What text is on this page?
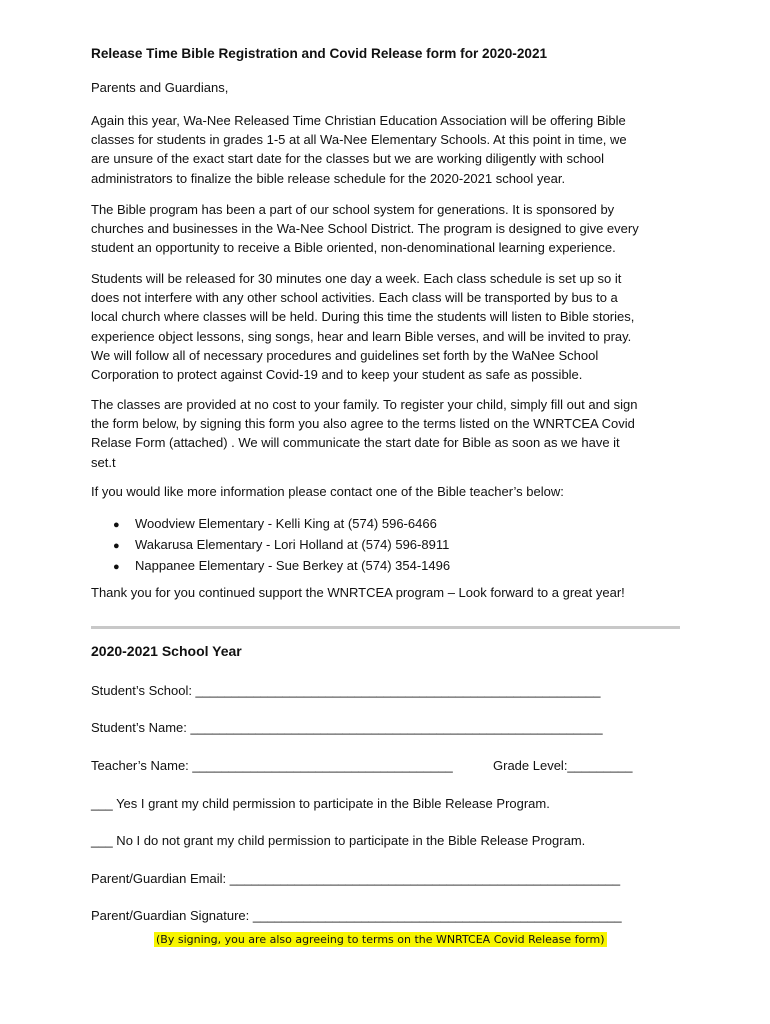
Release Time Bible Registration and Covid Release form for 2020-2021
Parents and Guardians,
Again this year, Wa-Nee Released Time Christian Education Association will be offering Bible
classes for students in grades 1-5 at all Wa-Nee Elementary Schools. At this point in time, we
are unsure of the exact start date for the classes but we are working diligently with school
administrators to finalize the bible release schedule for the 2020-2021 school year.
The Bible program has been a part of our school system for generations. It is sponsored by
churches and businesses in the Wa-Nee School District. The program is designed to give every
student an opportunity to receive a Bible oriented, non-denominational learning experience.
Students will be released for 30 minutes one day a week. Each class schedule is set up so it
does not interfere with any other school activities. Each class will be transported by bus to a
local church where classes will be held. During this time the students will listen to Bible stories,
experience object lessons, sing songs, hear and learn Bible verses, and will be invited to pray.
We will follow all of necessary procedures and guidelines set forth by the WaNee School
Corporation to protect against Covid-19 and to keep your student as safe as possible.
The classes are provided at no cost to your family. To register your child, simply fill out and sign
the form below, by signing this form you also agree to the terms listed on the WNRTCEA Covid
Relase Form (attached) . We will communicate the start date for Bible as soon as we have it
set.t
If you would like more information please contact one of the Bible teacher’s below:
● Woodview Elementary - Kelli King at (574) 596-6466
● Wakarusa Elementary - Lori Holland at (574) 596-8911
● Nappanee Elementary - Sue Berkey at (574) 354-1496
Thank you for you continued support the WNRTCEA program – Look forward to a great year!
2020-2021 School Year
Student’s School: ________________________________________________________
Student’s Name: _________________________________________________________
Teacher’s Name: ____________________________________	Grade Level:_________
___ Yes I grant my child permission to participate in the Bible Release Program.
___ No I do not grant my child permission to participate in the Bible Release Program.
Parent/Guardian Email: ______________________________________________________
Parent/Guardian Signature: ___________________________________________________
(By signing, you are also agreeing to terms on the WNRTCEA Covid Release form)
